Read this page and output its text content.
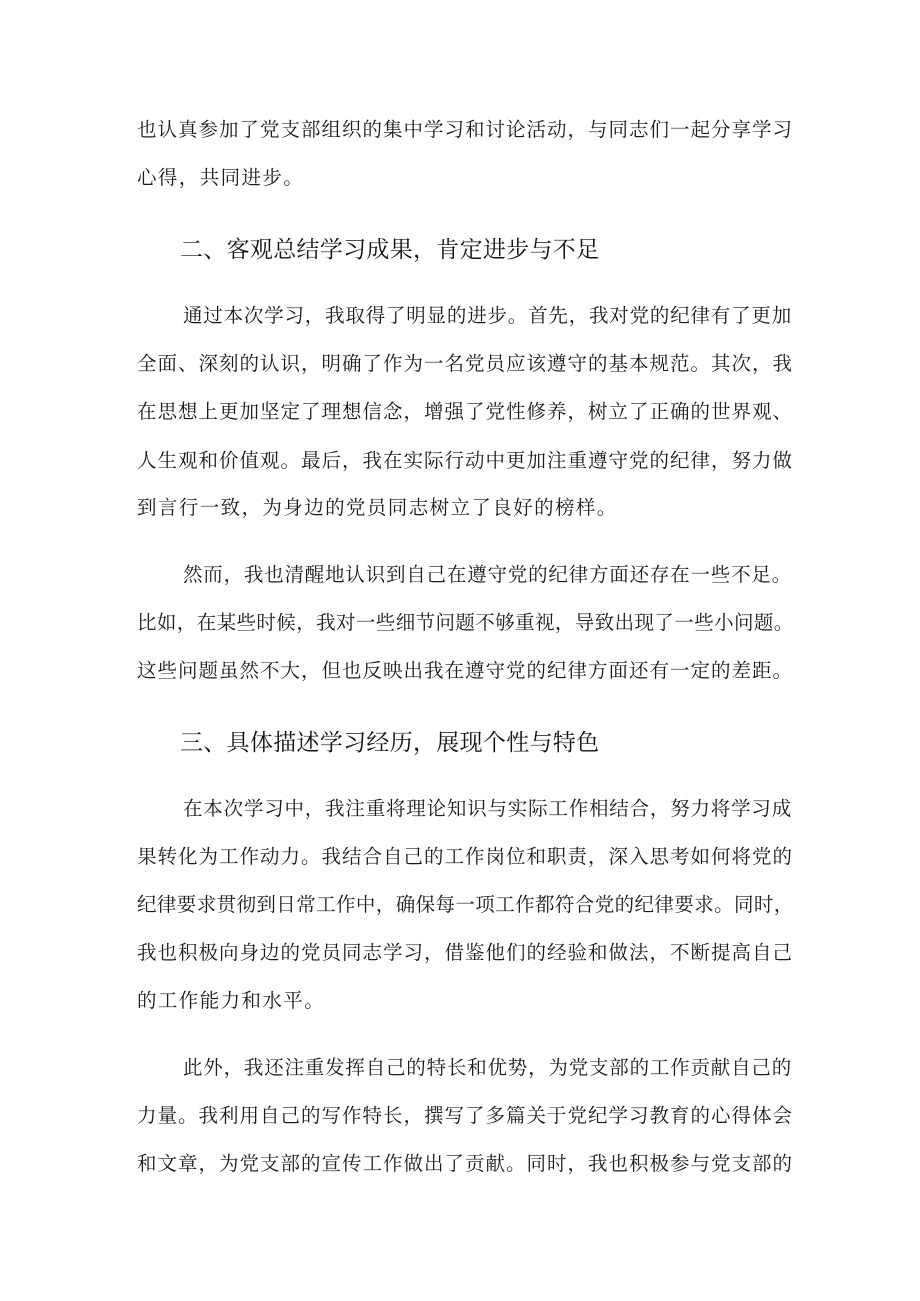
也认真参加了党支部组织的集中学习和讨论活动，与同志们一起分享学习
心得，共同进步。
二、客观总结学习成果，肯定进步与不足
通过本次学习，我取得了明显的进步。首先，我对党的纪律有了更加
全面、深刻的认识，明确了作为一名党员应该遵守的基本规范。其次，我
在思想上更加坚定了理想信念，增强了党性修养，树立了正确的世界观、
人生观和价值观。最后，我在实际行动中更加注重遵守党的纪律，努力做
到言行一致，为身边的党员同志树立了良好的榜样。
然而，我也清醒地认识到自己在遵守党的纪律方面还存在一些不足。
比如，在某些时候，我对一些细节问题不够重视，导致出现了一些小问题。
这些问题虽然不大，但也反映出我在遵守党的纪律方面还有一定的差距。
三、具体描述学习经历，展现个性与特色
在本次学习中，我注重将理论知识与实际工作相结合，努力将学习成
果转化为工作动力。我结合自己的工作岗位和职责，深入思考如何将党的
纪律要求贯彻到日常工作中，确保每一项工作都符合党的纪律要求。同时，
我也积极向身边的党员同志学习，借鉴他们的经验和做法，不断提高自己
的工作能力和水平。
此外，我还注重发挥自己的特长和优势，为党支部的工作贡献自己的
力量。我利用自己的写作特长，撰写了多篇关于党纪学习教育的心得体会
和文章，为党支部的宣传工作做出了贡献。同时，我也积极参与党支部的
